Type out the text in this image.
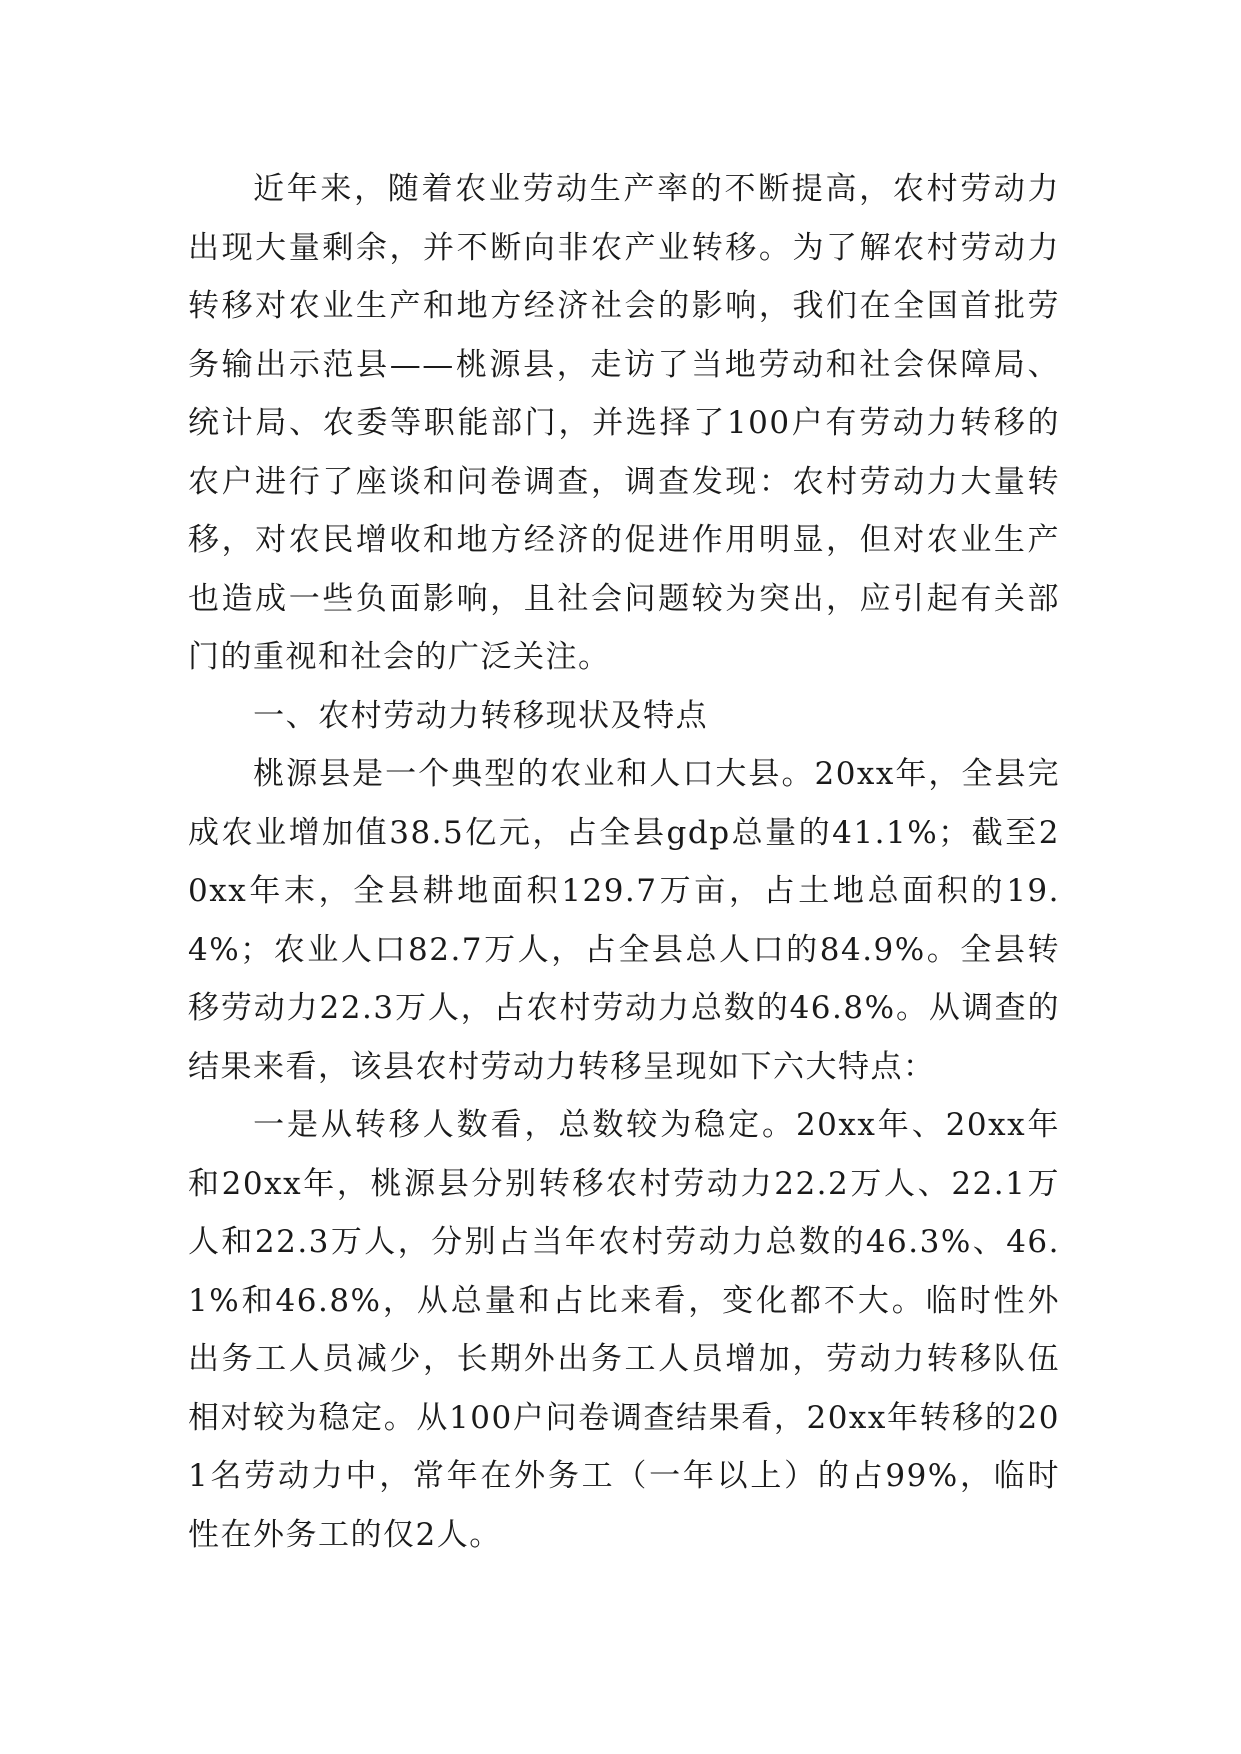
近年来，随着农业劳动生产率的不断提高，农村劳动力出现大量剩余，并不断向非农产业转移。为了解农村劳动力转移对农业生产和地方经济社会的影响，我们在全国首批劳务输出示范县——桃源县，走访了当地劳动和社会保障局、统计局、农委等职能部门，并选择了100户有劳动力转移的农户进行了座谈和问卷调查，调查发现：农村劳动力大量转移，对农民增收和地方经济的促进作用明显，但对农业生产也造成一些负面影响，且社会问题较为突出，应引起有关部门的重视和社会的广泛关注。

一、农村劳动力转移现状及特点

桃源县是一个典型的农业和人口大县。20xx年，全县完成农业增加值38.5亿元，占全县gdp总量的41.1%；截至20xx年末，全县耕地面积129.7万亩，占土地总面积的19.4%；农业人口82.7万人，占全县总人口的84.9%。全县转移劳动力22.3万人，占农村劳动力总数的46.8%。从调查的结果来看，该县农村劳动力转移呈现如下六大特点：

一是从转移人数看，总数较为稳定。20xx年、20xx年和20xx年，桃源县分别转移农村劳动力22.2万人、22.1万人和22.3万人，分别占当年农村劳动力总数的46.3%、46.1%和46.8%，从总量和占比来看，变化都不大。临时性外出务工人员减少，长期外出务工人员增加，劳动力转移队伍相对较为稳定。从100户问卷调查结果看，20xx年转移的201名劳动力中，常年在外务工（一年以上）的占99%，临时性在外务工的仅2人。
